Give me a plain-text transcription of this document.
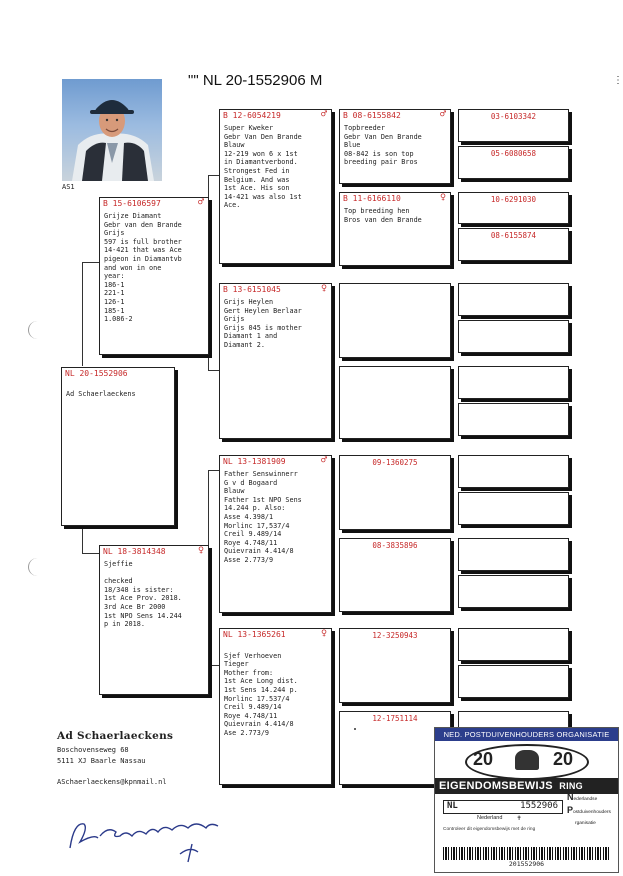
"" NL 20-1552906 M	⋮
AS1
NL 20-1552906
Ad Schaerlaeckens
B 15-6106597	♂
Grijze Diamant
Gebr van den Brande
Grijs
597 is full brother
14-421 that was Ace
pigeon in Diamantvb
and won in one
year:
186-1
221-1
126-1
185-1
1.086-2
NL 18-3814348	♀
Sjeffie

checked
18/348 is sister:
1st Ace Prov. 2018.
3rd Ace Br 2000
1st NPO Sens 14.244
p in 2018.
B 12-6054219	♂
Super Kweker
Gebr Van Den Brande
Blauw
12-219 won 6 x 1st
in Diamantverbond.
Strongest Fed in
Belgium. And was
1st Ace. His son
14-421 was also 1st
Ace.
B 13-6151045	♀
Grijs Heylen
Gert Heylen Berlaar
Grijs
Grijs 045 is mother
Diamant 1 and
Diamant 2.
NL 13-1381909	♂
Father Senswinnerr
G v d Bogaard
Blauw
Father 1st NPO Sens
14.244 p. Also:
Asse 4.398/1
Morlinc 17,537/4
Creil 9.489/14
Roye 4.748/11
Quievrain 4.414/8
Asse 2.773/9
NL 13-1365261	♀

Sjef Verhoeven
Tieger
Mother from:
1st Ace Long dist.
1st Sens 14.244 p.
Morlinc 17.537/4
Creil 9.489/14
Roye 4.748/11
Quievrain 4.414/8
Ase 2.773/9
B 08-6155842	♂
Topbreeder
Gebr Van Den Brande
Blue
08-842 is son top
breeding pair Bros
B 11-6166110	♀
Top breeding hen
Bros van den Brande
09-1360275
08-3835896
12-3250943
12-1751114
03-6103342
05-6080658
10-6291030
08-6155874
Ad Schaerlaeckens
Boschovenseweg 68
5111 XJ Baarle Nassau
ASchaerlaeckens@kpnmail.nl
NED. POSTDUIVENHOUDERS ORGANISATIE
20	20
EIGENDOMSBEWIJS RING
NL	1552906
Nederland ✝
Controleer dit eigendomsbewijs met de ring
Nederlandse
Postduivenhouders
rganisatie
201552906
